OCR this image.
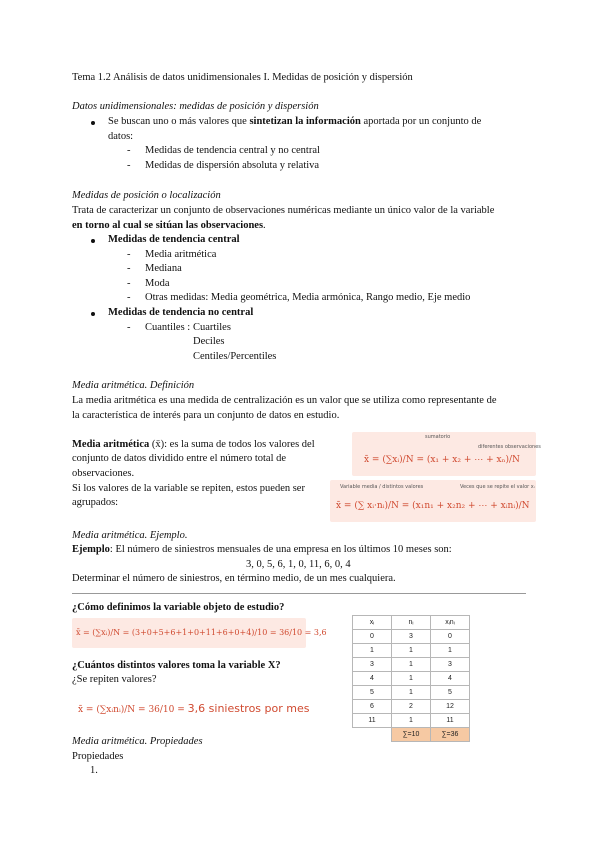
Tema 1.2 Análisis de datos unidimensionales I. Medidas de posición y dispersión
Datos unidimensionales: medidas de posición y dispersión
Se buscan uno o más valores que sintetizan la información aportada por un conjunto de
datos:
- Medidas de tendencia central y no central
- Medidas de dispersión absoluta y relativa
Medidas de posición o localización
Trata de caracterizar un conjunto de observaciones numéricas mediante un único valor de la variable
en torno al cual se sitúan las observaciones.
Medidas de tendencia central
- Media aritmética
- Mediana
- Moda
- Otras medidas: Media geométrica, Media armónica, Rango medio, Eje medio
Medidas de tendencia no central
- Cuantiles : Cuartiles
Deciles
Centiles/Percentiles
Media aritmética. Definición
La media aritmética es una medida de centralización es un valor que se utiliza como representante de
la característica de interés para un conjunto de datos en estudio.
Media aritmética (x̄): es la suma de todos los valores del
conjunto de datos dividido entre el número total de
observaciones.
Si los valores de la variable se repiten, estos pueden ser
agrupados:
sumatorio
diferentes observaciones
x̄ = (∑xᵢ)/N = (x₁ + x₂ + ⋯ + xₙ)/N
Variable media / distintos valores	Veces que se repite el valor xᵢ
x̄ = (∑ xᵢ·nᵢ)/N = (x₁n₁ + x₂n₂ + ⋯ + xᵢnᵢ)/N
Media aritmética. Ejemplo.
Ejemplo: El número de siniestros mensuales de una empresa en los últimos 10 meses son:
3, 0, 5, 6, 1, 0, 11, 6, 0, 4
Determinar el número de siniestros, en término medio, de un mes cualquiera.
¿Cómo definimos la variable objeto de estudio?
x̄ = (∑xᵢ)/N = (3+0+5+6+1+0+11+6+0+4)/10 = 36/10 = 3,6
¿Cuántos distintos valores toma la variable X?
¿Se repiten valores?
x̄ = (∑xᵢnᵢ)/N = 36/10 = 3,6 siniestros por mes
xᵢ	nᵢ	xᵢnᵢ
0	3	0
1	1	1
3	1	3
4	1	4
5	1	5
6	2	12
11	1	11
	∑=10	∑=36
Media aritmética. Propiedades
Propiedades
1.
